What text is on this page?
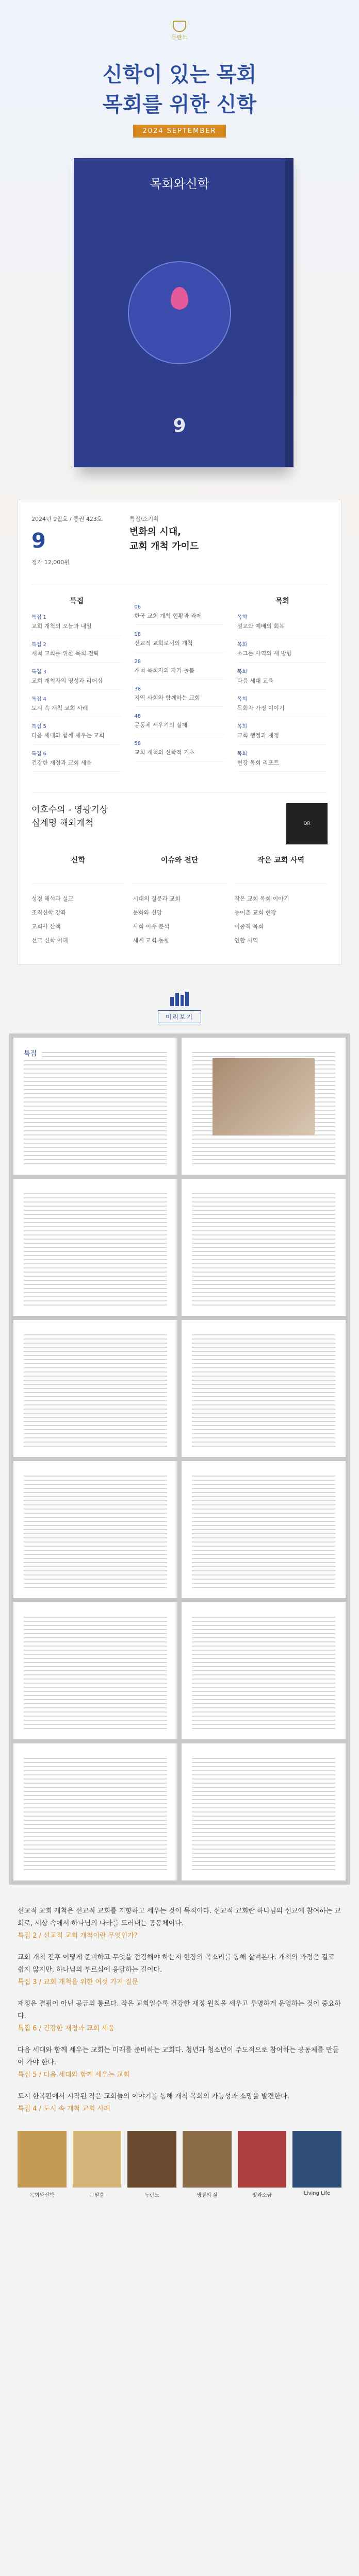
두란노
신학이 있는 목회
목회를 위한 신학
2024 SEPTEMBER
목회와신학
9
2024년 9월호 / 통권 423호
9
정가 12,000원
특집/소기획
변화의 시대,
교회 개척 가이드
특집
특집 1
교회 개척의 오늘과 내일
특집 2
개척 교회를 위한 목회 전략
특집 3
교회 개척자의 영성과 리더십
특집 4
도시 속 개척 교회 사례
특집 5
다음 세대와 함께 세우는 교회
특집 6
건강한 재정과 교회 세움
06
한국 교회 개척 현황과 과제
18
선교적 교회로서의 개척
28
개척 목회자의 자기 돌봄
38
지역 사회와 함께하는 교회
48
공동체 세우기의 실제
58
교회 개척의 신학적 기초
목회
목회
설교와 예배의 회복
목회
소그룹 사역의 새 방향
목회
다음 세대 교육
목회
목회자 가정 이야기
목회
교회 행정과 재정
목회
현장 목회 리포트
이호수의 - 영광기상
십계명 해외개척	QR
신학
성경 해석과 설교
조직신학 강좌
교회사 산책
선교 신학 이해
이슈와 전단
시대의 질문과 교회
문화와 신앙
사회 이슈 분석
세계 교회 동향
작은 교회 사역
작은 교회 목회 이야기
농어촌 교회 현장
이중직 목회
연합 사역
미리보기
특집

선교적 교회 개척은 선교적 교회를 지향하고 세우는 것이 목적이다. 선교적 교회란 하나님의 선교에 참여하는 교회로, 세상 속에서 하나님의 나라를 드러내는 공동체이다.
특집 2 / 선교적 교회 개척이란 무엇인가?

교회 개척 전후 어떻게 준비하고 무엇을 점검해야 하는지 현장의 목소리를 통해 살펴본다. 개척의 과정은 결코 쉽지 않지만, 하나님의 부르심에 응답하는 길이다.
특집 3 / 교회 개척을 위한 여섯 가지 질문

재정은 결핍이 아닌 공급의 통로다. 작은 교회일수록 건강한 재정 원칙을 세우고 투명하게 운영하는 것이 중요하다.
특집 6 / 건강한 재정과 교회 세움

다음 세대와 함께 세우는 교회는 미래를 준비하는 교회다. 청년과 청소년이 주도적으로 참여하는 공동체를 만들어 가야 한다.
특집 5 / 다음 세대와 함께 세우는 교회

도시 한복판에서 시작된 작은 교회들의 이야기를 통해 개척 목회의 가능성과 소망을 발견한다.
특집 4 / 도시 속 개척 교회 사례

목회와신학	그말씀	두란노	생명의 삶	빛과소금	Living Life
